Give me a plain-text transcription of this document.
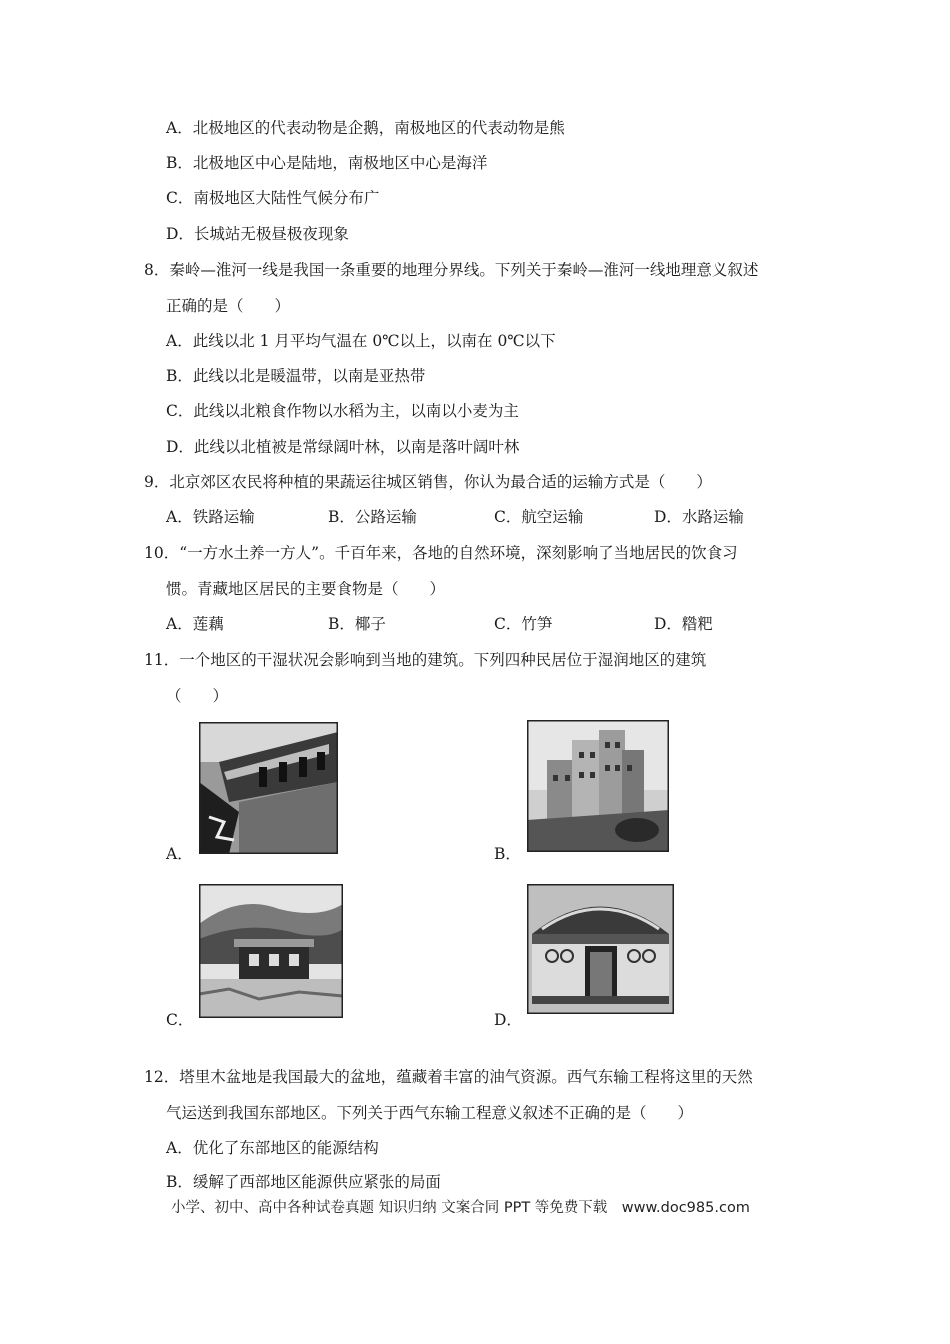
A．北极地区的代表动物是企鹅，南极地区的代表动物是熊
B．北极地区中心是陆地，南极地区中心是海洋
C．南极地区大陆性气候分布广
D．长城站无极昼极夜现象
8．秦岭—淮河一线是我国一条重要的地理分界线。下列关于秦岭—淮河一线地理意义叙述
正确的是（　　）
A．此线以北 1 月平均气温在 0℃以上，以南在 0℃以下
B．此线以北是暖温带，以南是亚热带
C．此线以北粮食作物以水稻为主，以南以小麦为主
D．此线以北植被是常绿阔叶林，以南是落叶阔叶林
9．北京郊区农民将种植的果蔬运往城区销售，你认为最合适的运输方式是（　　）
A．铁路运输	B．公路运输	C．航空运输	D．水路运输
10．“一方水土养一方人”。千百年来，各地的自然环境，深刻影响了当地居民的饮食习
惯。青藏地区居民的主要食物是（　　）
A．莲藕	B．椰子	C．竹笋	D．糌粑
11．一个地区的干湿状况会影响到当地的建筑。下列四种民居位于湿润地区的建筑
（　　）
A．	B．
C．	D．
12．塔里木盆地是我国最大的盆地，蕴藏着丰富的油气资源。西气东输工程将这里的天然
气运送到我国东部地区。下列关于西气东输工程意义叙述不正确的是（　　）
A．优化了东部地区的能源结构
B．缓解了西部地区能源供应紧张的局面
小学、初中、高中各种试卷真题 知识归纳 文案合同 PPT 等免费下载　www.doc985.com
